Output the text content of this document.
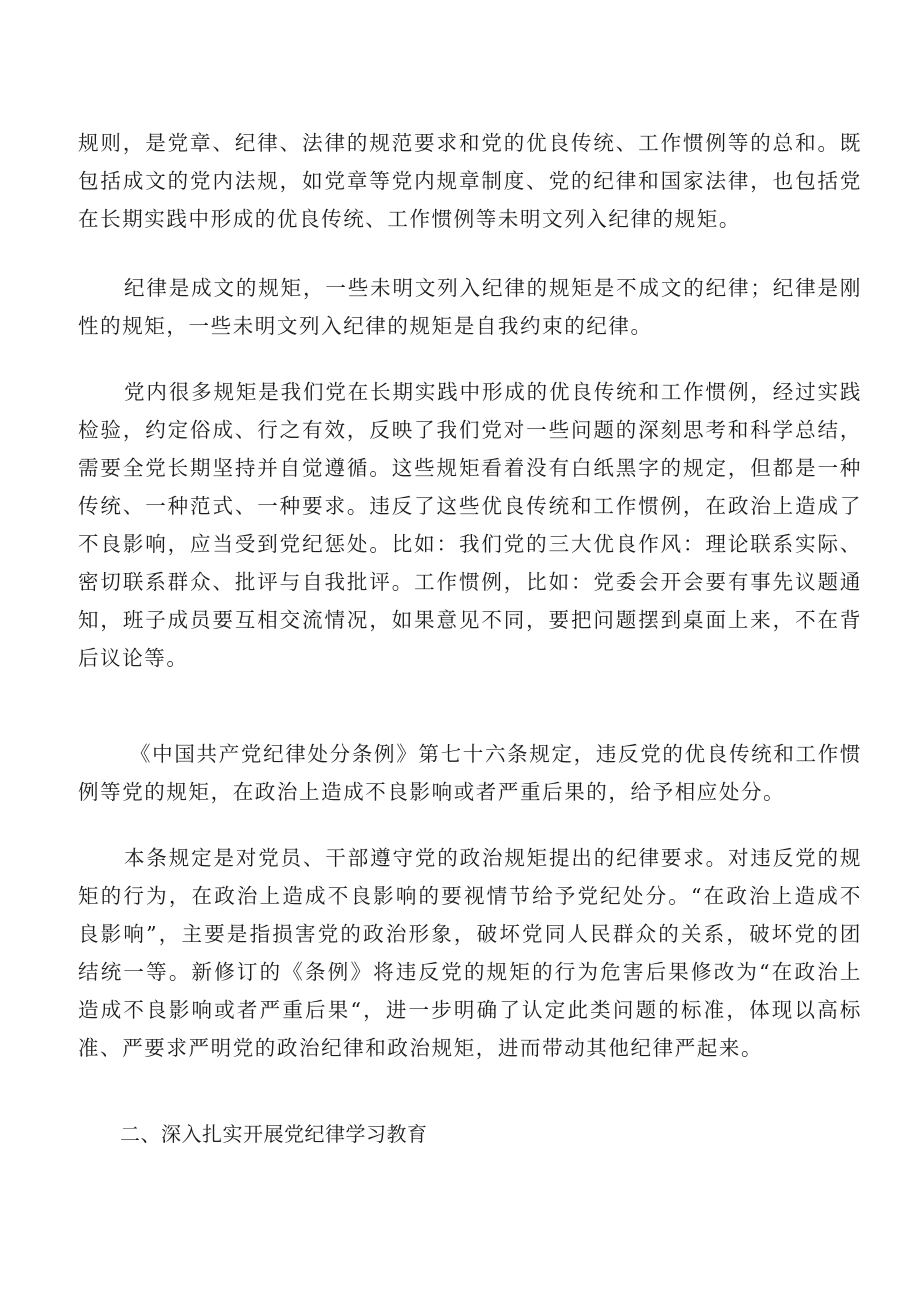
规则，是党章、纪律、法律的规范要求和党的优良传统、工作惯例等的总和。既包括成文的党内法规，如党章等党内规章制度、党的纪律和国家法律，也包括党在长期实践中形成的优良传统、工作惯例等未明文列入纪律的规矩。

纪律是成文的规矩，一些未明文列入纪律的规矩是不成文的纪律；纪律是刚性的规矩，一些未明文列入纪律的规矩是自我约束的纪律。

党内很多规矩是我们党在长期实践中形成的优良传统和工作惯例，经过实践检验，约定俗成、行之有效，反映了我们党对一些问题的深刻思考和科学总结，需要全党长期坚持并自觉遵循。这些规矩看着没有白纸黑字的规定，但都是一种传统、一种范式、一种要求。违反了这些优良传统和工作惯例，在政治上造成了不良影响，应当受到党纪惩处。比如：我们党的三大优良作风：理论联系实际、密切联系群众、批评与自我批评。工作惯例，比如：党委会开会要有事先议题通知，班子成员要互相交流情况，如果意见不同，要把问题摆到桌面上来，不在背后议论等。

《中国共产党纪律处分条例》第七十六条规定，违反党的优良传统和工作惯例等党的规矩，在政治上造成不良影响或者严重后果的，给予相应处分。

本条规定是对党员、干部遵守党的政治规矩提出的纪律要求。对违反党的规矩的行为，在政治上造成不良影响的要视情节给予党纪处分。“在政治上造成不良影响”，主要是指损害党的政治形象，破坏党同人民群众的关系，破坏党的团结统一等。新修订的《条例》将违反党的规矩的行为危害后果修改为“在政治上造成不良影响或者严重后果“，进一步明确了认定此类问题的标准，体现以高标准、严要求严明党的政治纪律和政治规矩，进而带动其他纪律严起来。

二、深入扎实开展党纪律学习教育
